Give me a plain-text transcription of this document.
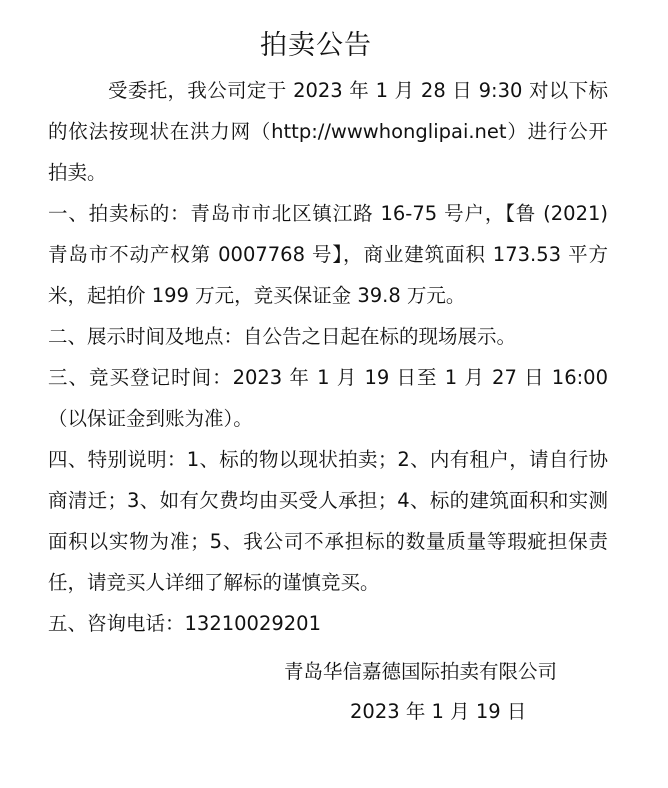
拍卖公告

受委托，我公司定于 2023 年 1 月 28 日 9:30 对以下标的依法按现状在洪力网（http://wwwhonglipai.net）进行公开拍卖。

一、拍卖标的：青岛市市北区镇江路 16-75 号户，【鲁 (2021) 青岛市不动产权第 0007768 号】，商业建筑面积 173.53 平方米，起拍价 199 万元，竞买保证金 39.8 万元。

二、展示时间及地点：自公告之日起在标的现场展示。

三、竞买登记时间：2023 年 1 月 19 日至 1 月 27 日 16:00（以保证金到账为准）。

四、特别说明：1、标的物以现状拍卖；2、内有租户，请自行协商清迁；3、如有欠费均由买受人承担；4、标的建筑面积和实测面积以实物为准；5、我公司不承担标的数量质量等瑕疵担保责任，请竞买人详细了解标的谨慎竞买。

五、咨询电话：13210029201

青岛华信嘉德国际拍卖有限公司
2023 年 1 月 19 日
